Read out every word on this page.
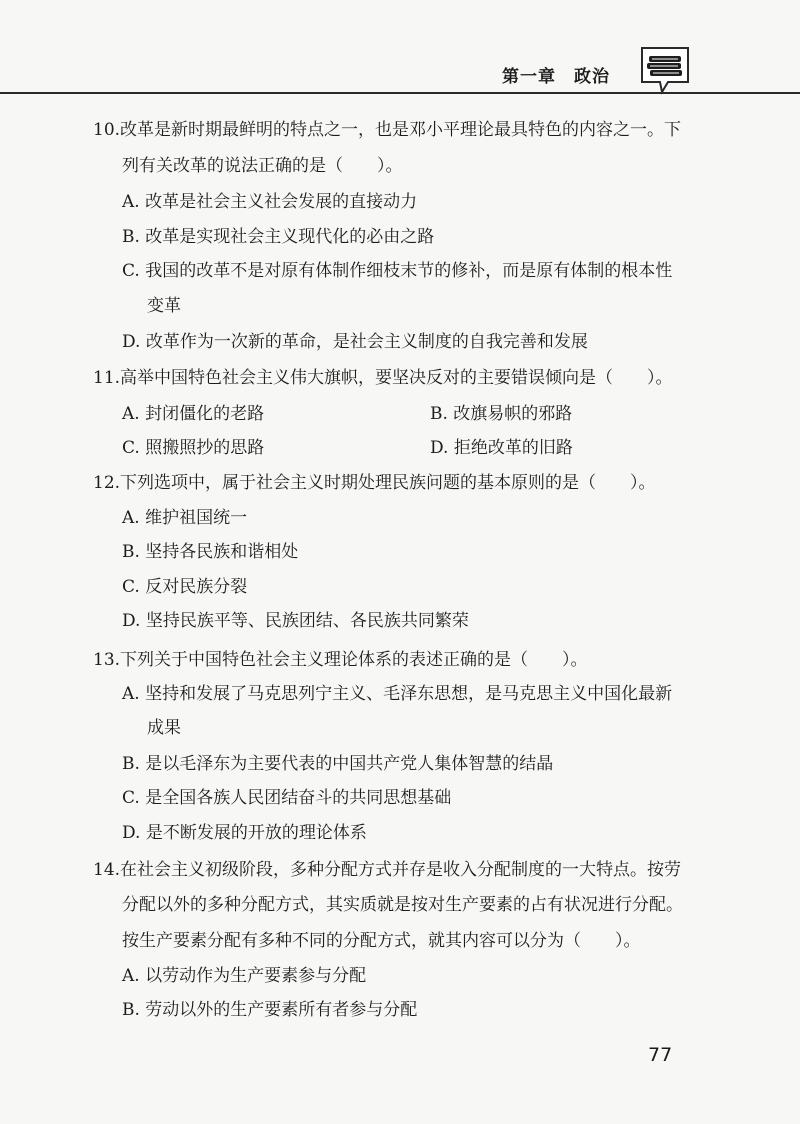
第一章　政治
10.改革是新时期最鲜明的特点之一，也是邓小平理论最具特色的内容之一。下
列有关改革的说法正确的是（　　）。
A. 改革是社会主义社会发展的直接动力
B. 改革是实现社会主义现代化的必由之路
C. 我国的改革不是对原有体制作细枝末节的修补，而是原有体制的根本性
变革
D. 改革作为一次新的革命，是社会主义制度的自我完善和发展
11.高举中国特色社会主义伟大旗帜，要坚决反对的主要错误倾向是（　　）。
A. 封闭僵化的老路	B. 改旗易帜的邪路
C. 照搬照抄的思路	D. 拒绝改革的旧路
12.下列选项中，属于社会主义时期处理民族问题的基本原则的是（　　）。
A. 维护祖国统一
B. 坚持各民族和谐相处
C. 反对民族分裂
D. 坚持民族平等、民族团结、各民族共同繁荣
13.下列关于中国特色社会主义理论体系的表述正确的是（　　）。
A. 坚持和发展了马克思列宁主义、毛泽东思想，是马克思主义中国化最新
成果
B. 是以毛泽东为主要代表的中国共产党人集体智慧的结晶
C. 是全国各族人民团结奋斗的共同思想基础
D. 是不断发展的开放的理论体系
14.在社会主义初级阶段，多种分配方式并存是收入分配制度的一大特点。按劳
分配以外的多种分配方式，其实质就是按对生产要素的占有状况进行分配。
按生产要素分配有多种不同的分配方式，就其内容可以分为（　　）。
A. 以劳动作为生产要素参与分配
B. 劳动以外的生产要素所有者参与分配
77
